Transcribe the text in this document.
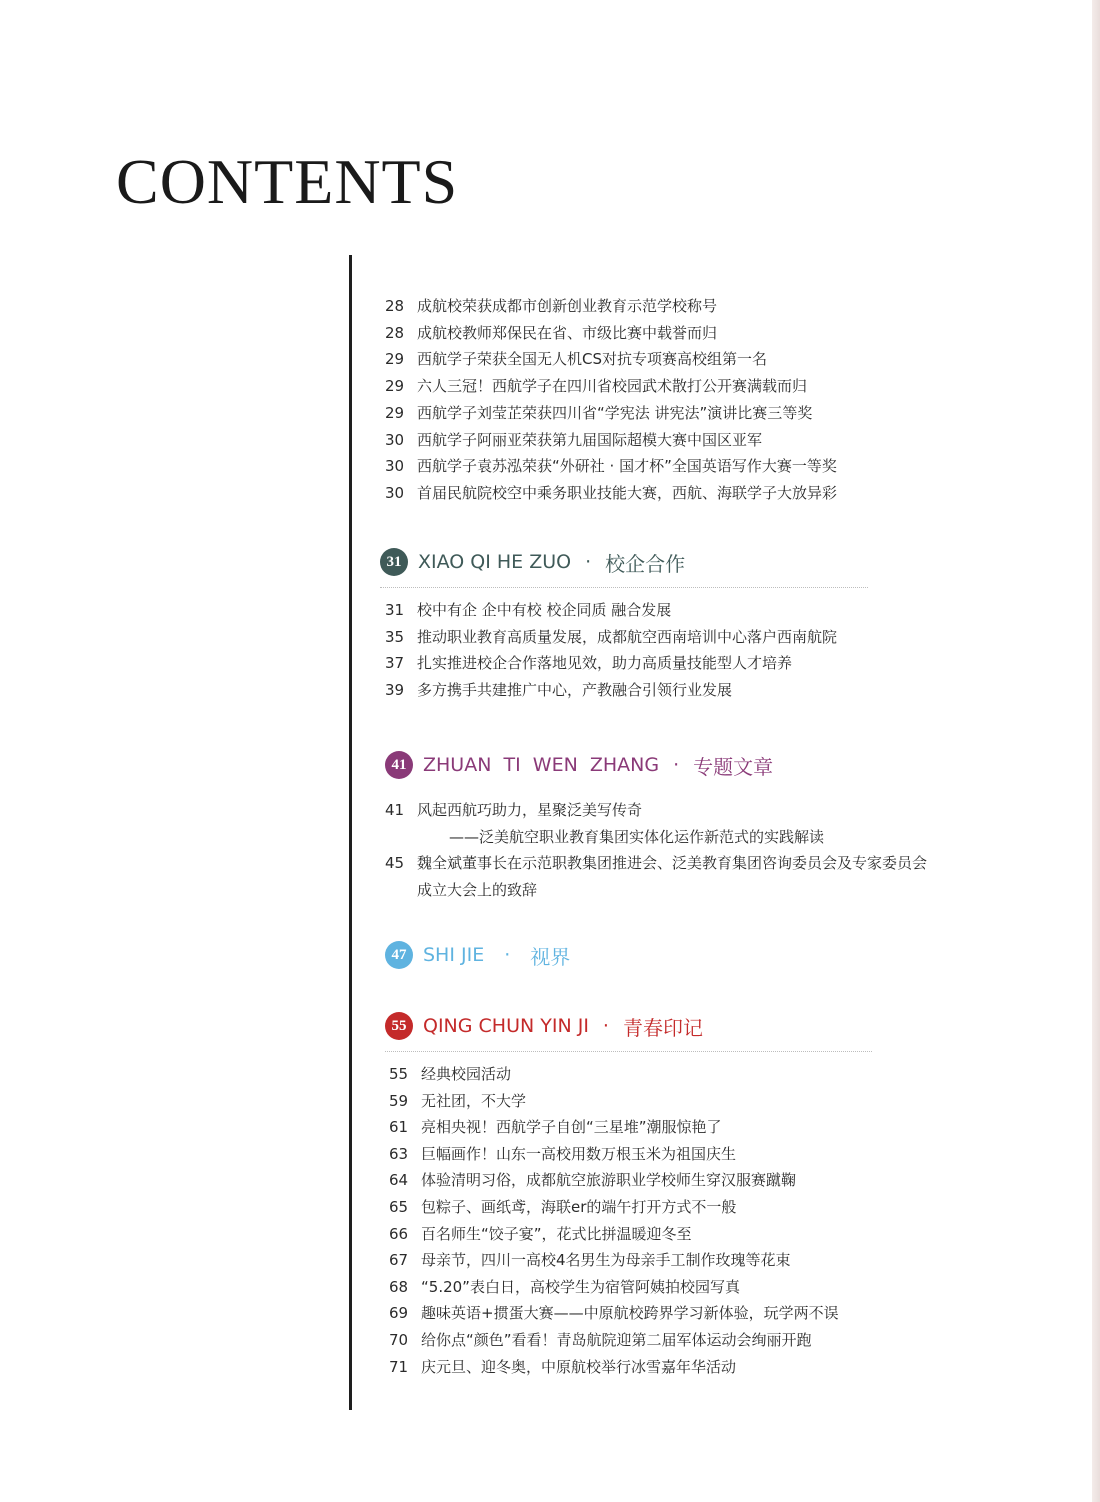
CONTENTS
28 成航校荣获成都市创新创业教育示范学校称号
28 成航校教师郑保民在省、市级比赛中载誉而归
29 西航学子荣获全国无人机CS对抗专项赛高校组第一名
29 六人三冠！西航学子在四川省校园武术散打公开赛满载而归
29 西航学子刘莹芷荣获四川省“学宪法 讲宪法”演讲比赛三等奖
30 西航学子阿丽亚荣获第九届国际超模大赛中国区亚军
30 西航学子袁苏泓荣获“外研社 · 国才杯”全国英语写作大赛一等奖
30 首届民航院校空中乘务职业技能大赛，西航、海联学子大放异彩
31 XIAO QI HE ZUO · 校企合作
31 校中有企 企中有校 校企同质 融合发展
35 推动职业教育高质量发展，成都航空西南培训中心落户西南航院
37 扎实推进校企合作落地见效，助力高质量技能型人才培养
39 多方携手共建推广中心，产教融合引领行业发展
41 ZHUAN  TI  WEN  ZHANG · 专题文章
41 风起西航巧助力，星聚泛美写传奇
——泛美航空职业教育集团实体化运作新范式的实践解读
45 魏全斌董事长在示范职教集团推进会、泛美教育集团咨询委员会及专家委员会
成立大会上的致辞
47 SHI JIE · 视界
55 QING CHUN YIN JI · 青春印记
55 经典校园活动
59 无社团，不大学
61 亮相央视！西航学子自创“三星堆”潮服惊艳了
63 巨幅画作！山东一高校用数万根玉米为祖国庆生
64 体验清明习俗，成都航空旅游职业学校师生穿汉服赛蹴鞠
65 包粽子、画纸鸢，海联er的端午打开方式不一般
66 百名师生“饺子宴”，花式比拼温暖迎冬至
67 母亲节，四川一高校4名男生为母亲手工制作玫瑰等花束
68 “5.20”表白日，高校学生为宿管阿姨拍校园写真
69 趣味英语+掼蛋大赛——中原航校跨界学习新体验，玩学两不误
70 给你点“颜色”看看！青岛航院迎第二届军体运动会绚丽开跑
71 庆元旦、迎冬奥，中原航校举行冰雪嘉年华活动
